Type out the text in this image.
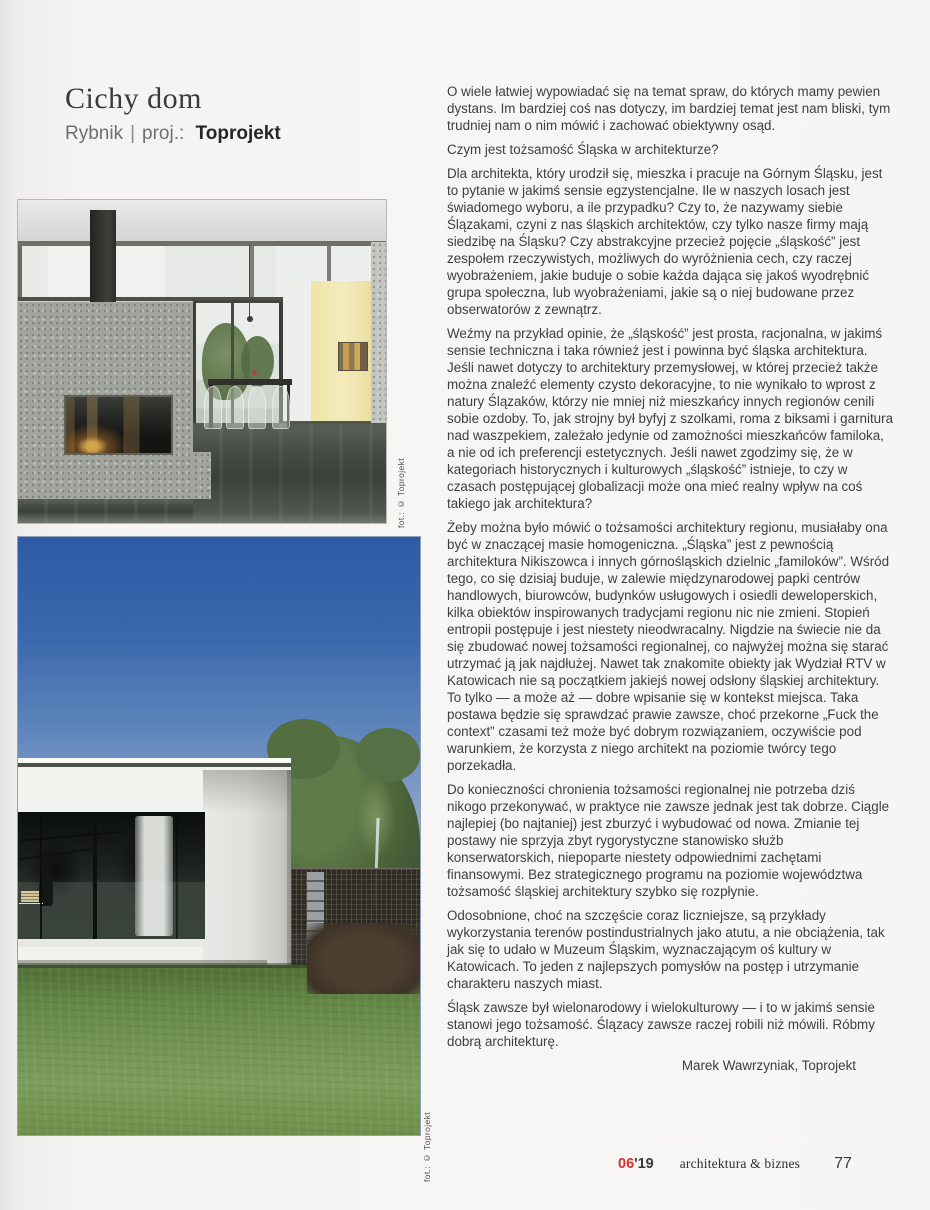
Cichy dom
Rybnik | proj.: Toprojekt
fot.: © Toprojekt
fot.: © Toprojekt

O wiele łatwiej wypowiadać się na temat spraw, do których mamy pewien dystans. Im bardziej coś nas dotyczy, im bardziej temat jest nam bliski, tym trudniej nam o nim mówić i zachować obiektywny osąd.

Czym jest tożsamość Śląska w architekturze?

Dla architekta, który urodził się, mieszka i pracuje na Górnym Śląsku, jest to pytanie w jakimś sensie egzystencjalne. Ile w naszych losach jest świadomego wyboru, a ile przypadku? Czy to, że nazywamy siebie Ślązakami, czyni z nas śląskich architektów, czy tylko nasze firmy mają siedzibę na Śląsku? Czy abstrakcyjne przecież pojęcie „śląskość” jest zespołem rzeczywistych, możliwych do wyróżnienia cech, czy raczej wyobrażeniem, jakie buduje o sobie każda dająca się jakoś wyodrębnić grupa społeczna, lub wyobrażeniami, jakie są o niej budowane przez obserwatorów z zewnątrz.

Weźmy na przykład opinie, że „śląskość” jest prosta, racjonalna, w jakimś sensie techniczna i taka również jest i powinna być śląska architektura. Jeśli nawet dotyczy to architektury przemysłowej, w której przecież także można znaleźć elementy czysto dekoracyjne, to nie wynikało to wprost z natury Ślązaków, którzy nie mniej niż mieszkańcy innych regionów cenili sobie ozdoby. To, jak strojny był byfyj z szolkami, roma z biksami i garnitura nad waszpekiem, zależało jedynie od zamożności mieszkańców familoka, a nie od ich preferencji estetycznych. Jeśli nawet zgodzimy się, że w kategoriach historycznych i kulturowych „śląskość” istnieje, to czy w czasach postępującej globalizacji może ona mieć realny wpływ na coś takiego jak architektura?

Żeby można było mówić o tożsamości architektury regionu, musiałaby ona być w znaczącej masie homogeniczna. „Śląska” jest z pewnością architektura Nikiszowca i innych górnośląskich dzielnic „familoków”. Wśród tego, co się dzisiaj buduje, w zalewie międzynarodowej papki centrów handlowych, biurowców, budynków usługowych i osiedli deweloperskich, kilka obiektów inspirowanych tradycjami regionu nic nie zmieni. Stopień entropii postępuje i jest niestety nieodwracalny. Nigdzie na świecie nie da się zbudować nowej tożsamości regionalnej, co najwyżej można się starać utrzymać ją jak najdłużej. Nawet tak znakomite obiekty jak Wydział RTV w Katowicach nie są początkiem jakiejś nowej odsłony śląskiej architektury. To tylko — a może aż — dobre wpisanie się w kontekst miejsca. Taka postawa będzie się sprawdzać prawie zawsze, choć przekorne „Fuck the context” czasami też może być dobrym rozwiązaniem, oczywiście pod warunkiem, że korzysta z niego architekt na poziomie twórcy tego porzekadła.

Do konieczności chronienia tożsamości regionalnej nie potrzeba dziś nikogo przekonywać, w praktyce nie zawsze jednak jest tak dobrze. Ciągle najlepiej (bo najtaniej) jest zburzyć i wybudować od nowa. Zmianie tej postawy nie sprzyja zbyt rygorystyczne stanowisko służb konserwatorskich, niepoparte niestety odpowiednimi zachętami finansowymi. Bez strategicznego programu na poziomie województwa tożsamość śląskiej architektury szybko się rozpłynie.

Odosobnione, choć na szczęście coraz liczniejsze, są przykłady wykorzystania terenów postindustrialnych jako atutu, a nie obciążenia, tak jak się to udało w Muzeum Śląskim, wyznaczającym oś kultury w Katowicach. To jeden z najlepszych pomysłów na postęp i utrzymanie charakteru naszych miast.

Śląsk zawsze był wielonarodowy i wielokulturowy — i to w jakimś sensie stanowi jego tożsamość. Ślązacy zawsze raczej robili niż mówili. Róbmy dobrą architekturę.

Marek Wawrzyniak, Toprojekt
06'19 architektura & biznes 77
